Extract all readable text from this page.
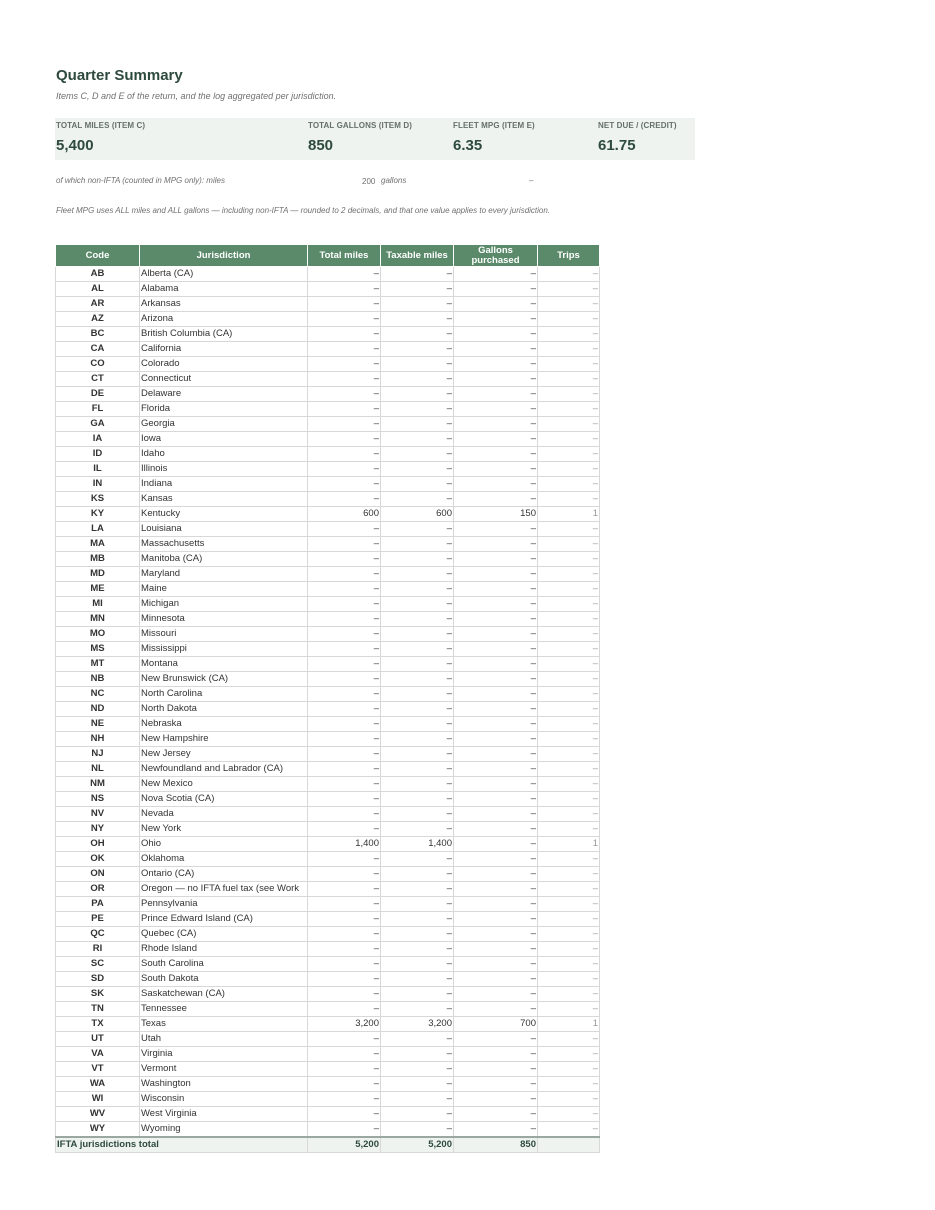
Quarter Summary
Items C, D and E of the return, and the log aggregated per jurisdiction.
TOTAL MILES (ITEM C)
5,400
TOTAL GALLONS (ITEM D)
850
FLEET MPG (ITEM E)
6.35
NET DUE / (CREDIT)
61.75
of which non-IFTA (counted in MPG only): miles	200 gallons	–
Fleet MPG uses ALL miles and ALL gallons — including non-IFTA — rounded to 2 decimals, and that one value applies to every jurisdiction.
Code	Jurisdiction	Total miles	Taxable miles	Gallons purchased	Trips
AB	Alberta (CA)	–	–	–	–
AL	Alabama	–	–	–	–
AR	Arkansas	–	–	–	–
AZ	Arizona	–	–	–	–
BC	British Columbia (CA)	–	–	–	–
CA	California	–	–	–	–
CO	Colorado	–	–	–	–
CT	Connecticut	–	–	–	–
DE	Delaware	–	–	–	–
FL	Florida	–	–	–	–
GA	Georgia	–	–	–	–
IA	Iowa	–	–	–	–
ID	Idaho	–	–	–	–
IL	Illinois	–	–	–	–
IN	Indiana	–	–	–	–
KS	Kansas	–	–	–	–
KY	Kentucky	600	600	150	1
LA	Louisiana	–	–	–	–
MA	Massachusetts	–	–	–	–
MB	Manitoba (CA)	–	–	–	–
MD	Maryland	–	–	–	–
ME	Maine	–	–	–	–
MI	Michigan	–	–	–	–
MN	Minnesota	–	–	–	–
MO	Missouri	–	–	–	–
MS	Mississippi	–	–	–	–
MT	Montana	–	–	–	–
NB	New Brunswick (CA)	–	–	–	–
NC	North Carolina	–	–	–	–
ND	North Dakota	–	–	–	–
NE	Nebraska	–	–	–	–
NH	New Hampshire	–	–	–	–
NJ	New Jersey	–	–	–	–
NL	Newfoundland and Labrador (CA)	–	–	–	–
NM	New Mexico	–	–	–	–
NS	Nova Scotia (CA)	–	–	–	–
NV	Nevada	–	–	–	–
NY	New York	–	–	–	–
OH	Ohio	1,400	1,400	–	1
OK	Oklahoma	–	–	–	–
ON	Ontario (CA)	–	–	–	–
OR	Oregon — no IFTA fuel tax (see Work	–	–	–	–
PA	Pennsylvania	–	–	–	–
PE	Prince Edward Island (CA)	–	–	–	–
QC	Quebec (CA)	–	–	–	–
RI	Rhode Island	–	–	–	–
SC	South Carolina	–	–	–	–
SD	South Dakota	–	–	–	–
SK	Saskatchewan (CA)	–	–	–	–
TN	Tennessee	–	–	–	–
TX	Texas	3,200	3,200	700	1
UT	Utah	–	–	–	–
VA	Virginia	–	–	–	–
VT	Vermont	–	–	–	–
WA	Washington	–	–	–	–
WI	Wisconsin	–	–	–	–
WV	West Virginia	–	–	–	–
WY	Wyoming	–	–	–	–
IFTA jurisdictions total		5,200	5,200	850	
